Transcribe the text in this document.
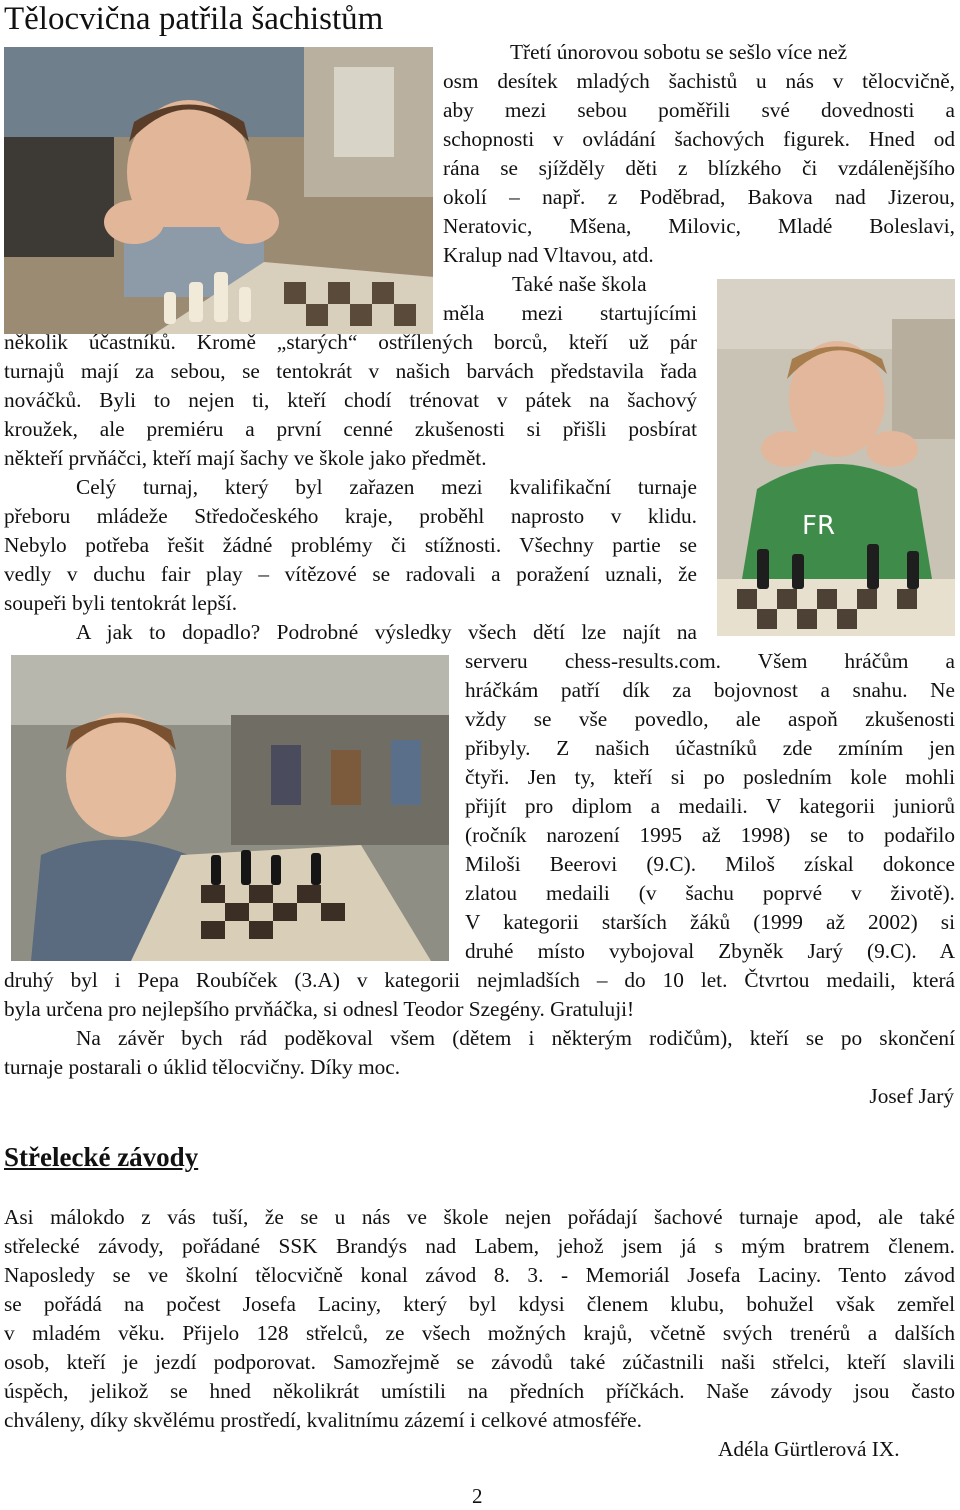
Tělocvična patřila šachistům
FR
Třetí únorovou sobotu se sešlo více než
osm desítek mladých šachistů u nás v tělocvičně,
aby mezi sebou poměřili své dovednosti a
schopnosti v ovládání šachových figurek. Hned od
rána se sjížděly děti z blízkého či vzdálenějšího
okolí – např. z Poděbrad, Bakova nad Jizerou,
Neratovic, Mšena, Milovic, Mladé Boleslavi,
Kralup nad Vltavou, atd.
Také naše škola
měla mezi startujícími
několik účastníků. Kromě „starých“ ostřílených borců, kteří už pár
turnajů mají za sebou, se tentokrát v našich barvách představila řada
nováčků. Byli to nejen ti, kteří chodí trénovat v pátek na šachový
kroužek, ale premiéru a první cenné zkušenosti si přišli posbírat
někteří prvňáčci, kteří mají šachy ve škole jako předmět.
Celý turnaj, který byl zařazen mezi kvalifikační turnaje
přeboru mládeže Středočeského kraje, proběhl naprosto v klidu.
Nebylo potřeba řešit žádné problémy či stížnosti. Všechny partie se
vedly v duchu fair play – vítězové se radovali a poražení uznali, že
soupeři byli tentokrát lepší.
A jak to dopadlo? Podrobné výsledky všech dětí lze najít na
serveru chess-results.com. Všem hráčům a
hráčkám patří dík za bojovnost a snahu. Ne
vždy se vše povedlo, ale aspoň zkušenosti
přibyly. Z našich účastníků zde zmíním jen
čtyři. Jen ty, kteří si po posledním kole mohli
přijít pro diplom a medaili. V kategorii juniorů
(ročník narození 1995 až 1998) se to podařilo
Miloši Beerovi (9.C). Miloš získal dokonce
zlatou medaili (v šachu poprvé v životě).
V kategorii starších žáků (1999 až 2002) si
druhé místo vybojoval Zbyněk Jarý (9.C). A
druhý byl i Pepa Roubíček (3.A) v kategorii nejmladších – do 10 let. Čtvrtou medaili, která
byla určena pro nejlepšího prvňáčka, si odnesl Teodor Szegény. Gratuluji!
Na závěr bych rád poděkoval všem (dětem i některým rodičům), kteří se po skončení
turnaje postarali o úklid tělocvičny. Díky moc.
Josef Jarý
Střelecké závody
Asi málokdo z vás tuší, že se u nás ve škole nejen pořádají šachové turnaje apod, ale také
střelecké závody, pořádané SSK Brandýs nad Labem, jehož jsem já s mým bratrem členem.
Naposledy se ve školní tělocvičně konal závod 8. 3. - Memoriál Josefa Laciny. Tento závod
se pořádá na počest Josefa Laciny, který byl kdysi členem klubu, bohužel však zemřel
v mladém věku. Přijelo 128 střelců, ze všech možných krajů, včetně svých trenérů a dalších
osob, kteří je jezdí podporovat. Samozřejmě se závodů také zúčastnili naši střelci, kteří slavili
úspěch, jelikož se hned několikrát umístili na předních příčkách. Naše závody jsou často
chváleny, díky skvělému prostředí, kvalitnímu zázemí i celkové atmosféře.
Adéla Gürtlerová IX.
2
